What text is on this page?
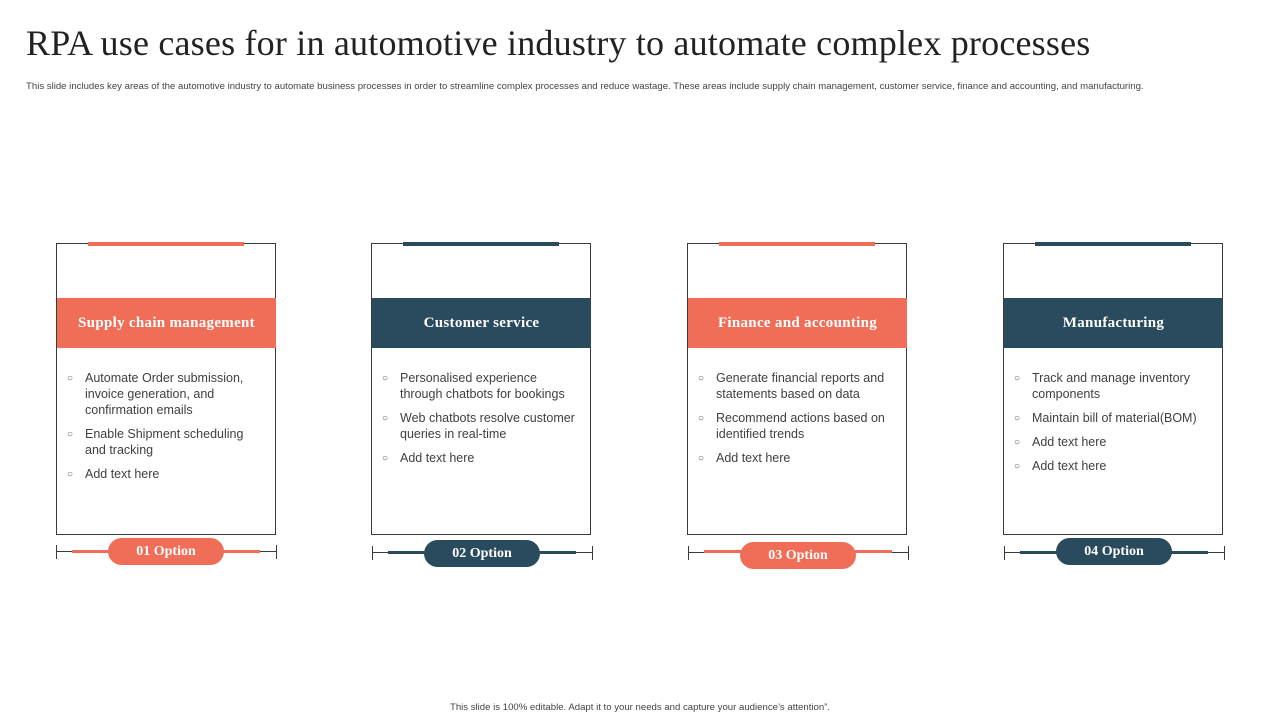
RPA use cases for in automotive industry to automate complex processes
This slide includes key areas of the automotive industry to automate business processes in order to streamline complex processes and reduce wastage. These areas include supply chain management, customer service, finance and accounting, and manufacturing.
Supply chain management
○ Automate Order submission, invoice generation, and confirmation emails
○ Enable Shipment scheduling and tracking
○ Add text here
01 Option
Customer service
○ Personalised experience through chatbots for bookings
○ Web chatbots resolve customer queries in real-time
○ Add text here
02 Option
Finance and accounting
○ Generate financial reports and statements based on data
○ Recommend actions based on identified trends
○ Add text here
03 Option
Manufacturing
○ Track and manage inventory components
○ Maintain bill of material(BOM)
○ Add text here
○ Add text here
04 Option
This slide is 100% editable. Adapt it to your needs and capture your audience’s attention”.
